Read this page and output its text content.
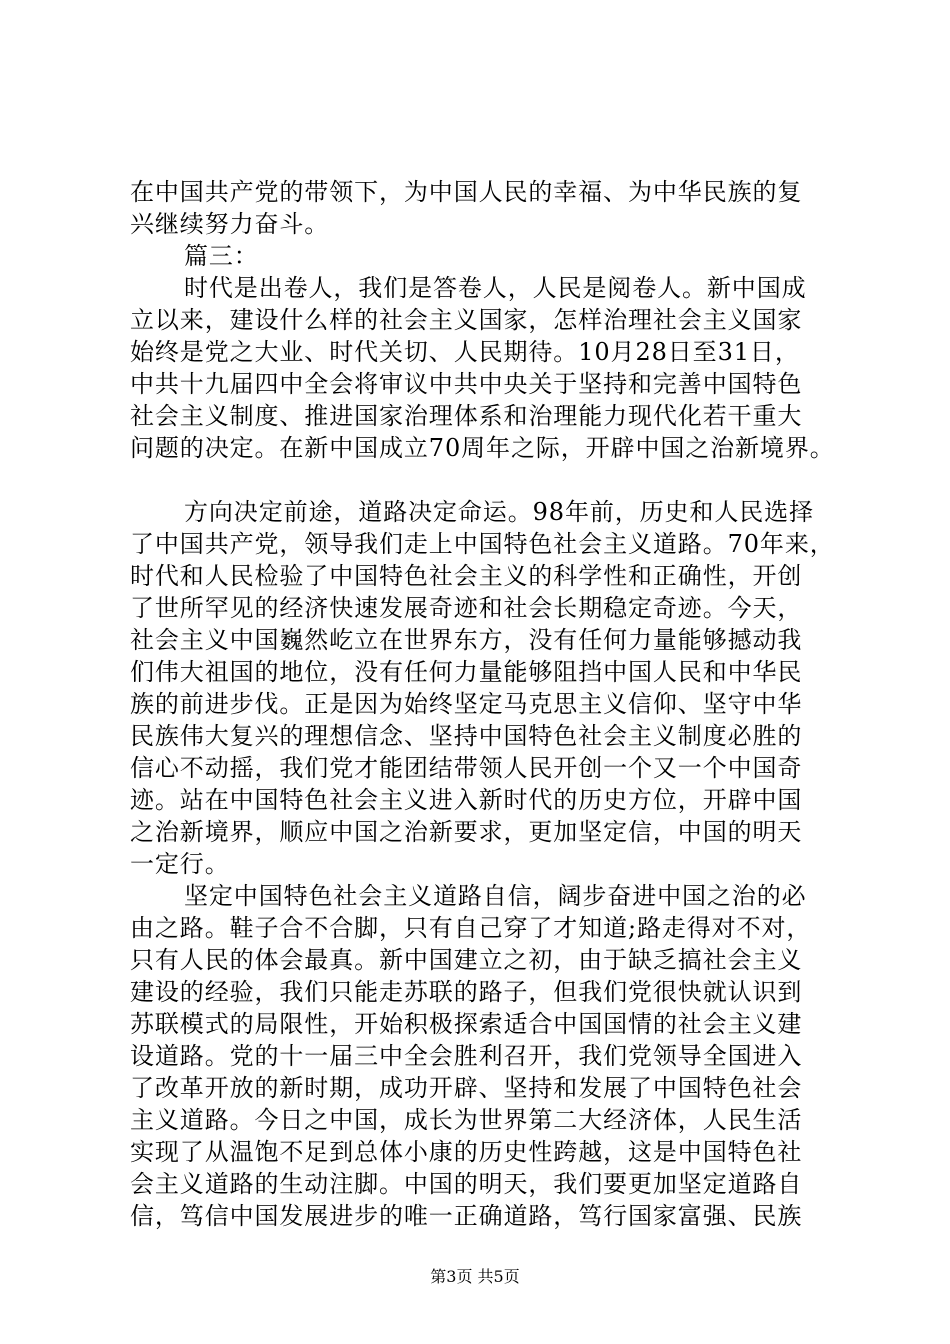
在中国共产党的带领下，为中国人民的幸福、为中华民族的复
兴继续努力奋斗。
篇三：
时代是出卷人，我们是答卷人，人民是阅卷人。新中国成
立以来，建设什么样的社会主义国家，怎样治理社会主义国家
始终是党之大业、时代关切、人民期待。10月28日至31日，
中共十九届四中全会将审议中共中央关于坚持和完善中国特色
社会主义制度、推进国家治理体系和治理能力现代化若干重大
问题的决定。在新中国成立70周年之际，开辟中国之治新境界。
方向决定前途，道路决定命运。98年前，历史和人民选择
了中国共产党，领导我们走上中国特色社会主义道路。70年来，
时代和人民检验了中国特色社会主义的科学性和正确性，开创
了世所罕见的经济快速发展奇迹和社会长期稳定奇迹。今天，
社会主义中国巍然屹立在世界东方，没有任何力量能够撼动我
们伟大祖国的地位，没有任何力量能够阻挡中国人民和中华民
族的前进步伐。正是因为始终坚定马克思主义信仰、坚守中华
民族伟大复兴的理想信念、坚持中国特色社会主义制度必胜的
信心不动摇，我们党才能团结带领人民开创一个又一个中国奇
迹。站在中国特色社会主义进入新时代的历史方位，开辟中国
之治新境界，顺应中国之治新要求，更加坚定信，中国的明天
一定行。
坚定中国特色社会主义道路自信，阔步奋进中国之治的必
由之路。鞋子合不合脚，只有自己穿了才知道;路走得对不对，
只有人民的体会最真。新中国建立之初，由于缺乏搞社会主义
建设的经验，我们只能走苏联的路子，但我们党很快就认识到
苏联模式的局限性，开始积极探索适合中国国情的社会主义建
设道路。党的十一届三中全会胜利召开，我们党领导全国进入
了改革开放的新时期，成功开辟、坚持和发展了中国特色社会
主义道路。今日之中国，成长为世界第二大经济体，人民生活
实现了从温饱不足到总体小康的历史性跨越，这是中国特色社
会主义道路的生动注脚。中国的明天，我们要更加坚定道路自
信，笃信中国发展进步的唯一正确道路，笃行国家富强、民族
第3页 共5页
